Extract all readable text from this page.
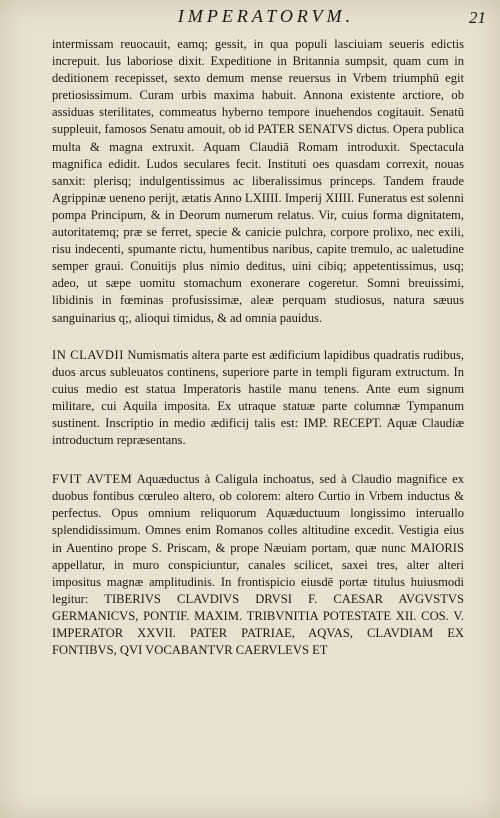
IMPERATORVM.	21

intermissam reuocauit, eamq; gessit, in qua populi lasciuiam seueris edictis increpuit. Ius laboriose dixit. Expeditione in Britannia sumpsit, quam cum in deditionem recepisset, sexto demum mense reuersus in Vrbem triumphū egit pretiosissimum. Curam urbis maxima habuit. Annona existente arctiore, ob assiduas sterilitates, commeatus hyberno tempore inuehendos cogitauit. Senatū suppleuit, famosos Senatu amouit, ob id PATER SENATVS dictus. Opera publica multa & magna extruxit. Aquam Claudiā Romam introduxit. Spectacula magnifica edidit. Ludos seculares fecit. Instituti oes quasdam correxit, nouas sanxit: plerisq; indulgentissimus ac liberalissimus princeps. Tandem fraude Agrippinæ ueneno perijt, ætatis Anno LXIIII. Imperij XIIII. Funeratus est solenni pompa Principum, & in Deorum numerum relatus. Vir, cuius forma dignitatem, autoritatemq; præ se ferret, specie & canicie pulchra, corpore prolixo, nec exili, risu indecenti, spumante rictu, humentibus naribus, capite tremulo, ac ualetudine semper graui. Conuitijs plus nimio deditus, uini cibiq; appetentissimus, usq; adeo, ut sæpe uomitu stomachum exonerare cogeretur. Somni breuissimi, libidinis in fœminas profusissimæ, aleæ perquam studiosus, natura sæuus sanguinarius q;, alioqui timidus, & ad omnia pauidus.

IN CLAVDII Numismatis altera parte est ædificium lapidibus quadratis rudibus, duos arcus subleuatos continens, superiore parte in templi figuram extructum. In cuius medio est statua Imperatoris hastile manu tenens. Ante eum signum militare, cui Aquila imposita. Ex utraque statuæ parte columnæ Tympanum sustinent. Inscriptio in medio ædificij talis est: IMP. RECEPT. Aquæ Claudiæ introductum repræsentans.

FVIT AVTEM Aquæductus à Caligula inchoatus, sed à Claudio magnifice ex duobus fontibus cœruleo altero, ob colorem: altero Curtio in Vrbem inductus & perfectus. Opus omnium reliquorum Aquæductuum longissimo interuallo splendidissimum. Omnes enim Romanos colles altitudine excedit. Vestigia eius in Auentino prope S. Priscam, & prope Næuiam portam, quæ nunc MAIORIS appellatur, in muro conspiciuntur, canales scilicet, saxei tres, alter alteri impositus magnæ amplitudinis. In frontispicio eiusdē portæ titulus huiusmodi legitur: TIBERIVS CLAVDIVS DRVSI F. CAESAR AVGVSTVS GERMANICVS, PONTIF. MAXIM. TRIBVNITIA POTESTATE XII. COS. V. IMPERATOR XXVII. PATER PATRIAE, AQVAS, CLAVDIAM EX FONTIBVS, QVI VOCABANTVR CAERVLEVS ET
